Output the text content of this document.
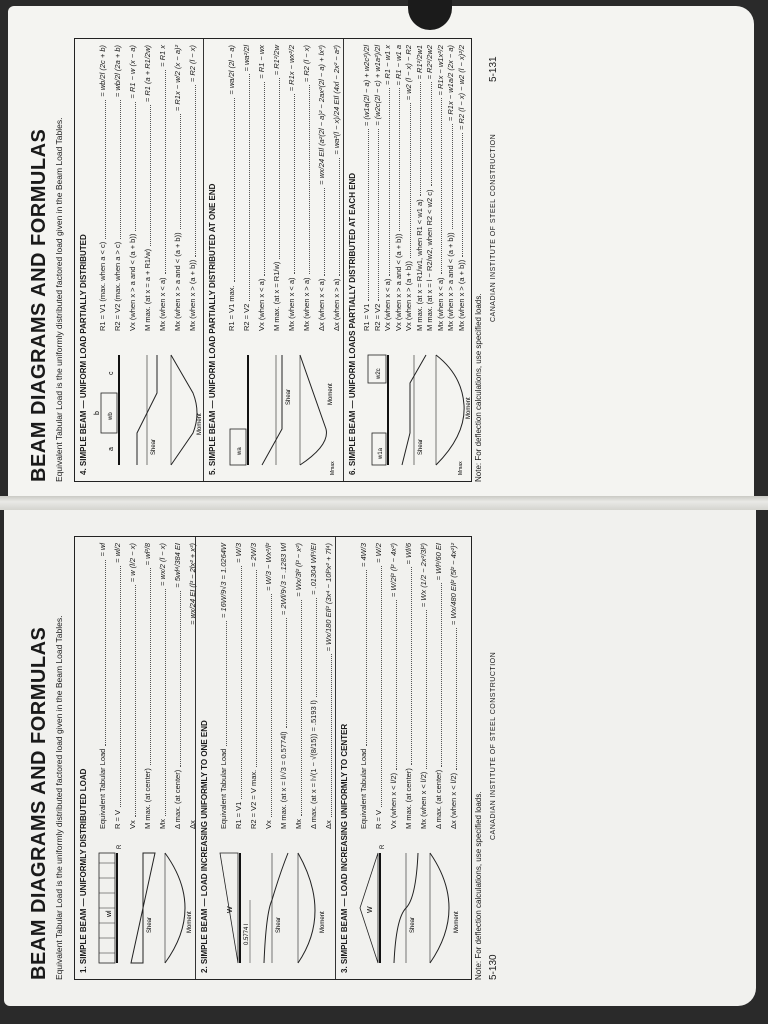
BEAM DIAGRAMS AND FORMULAS Equivalent Tabular Load is the uniformly distributed factored load given in the Beam Load Tables. 1. SIMPLE BEAM — UNIFORMLY DISTRIBUTED LOAD	wl
Shear	Moment
R
Equivalent Tabular Load
= wl
R = V
= wl/2
Vx
= w (l/2 − x)
M max. (at center)
= wl²/8
Mx
= wx/2 (l − x)
Δ max. (at center)
= 5wl⁴/384 EI
Δx
= wx/24 EI (l³ − 2lx² + x³)
2. SIMPLE BEAM — LOAD INCREASING UNIFORMLY TO ONE END	W
0.5774 l	Shear	Moment
Equivalent Tabular Load
= 16W/9√3 = 1.0264W
R1 = V1
= W/3
R2 = V2 = V max.
= 2W/3
Vx
= W/3 − Wx²/l²
M max. (at x = l/√3 = 0.5774l)
= 2Wl/9√3 = .1283 Wl
Mx
= Wx/3l² (l² − x²)
Δ max. (at x = l√(1 − √(8/15)) = .5193 l)
= .01304 Wl³/EI
Δx
= Wx/180 EIl² (3x⁴ − 10l²x² + 7l⁴)
3. SIMPLE BEAM — LOAD INCREASING UNIFORMLY TO CENTER	W
Shear	Moment
R
Equivalent Tabular Load
= 4W/3
R = V
= W/2
Vx (when x < l/2)
= W/2l² (l² − 4x²)
M max. (at center)
= Wl/6
Mx (when x < l/2)
= Wx (1/2 − 2x²/3l²)
Δ max. (at center)
= Wl³/60 EI
Δx (when x < l/2)
= Wx/480 EIl² (5l² − 4x²)²
Note: For deflection calculations, use specified loads. 5-130
CANADIAN INSTITUTE OF STEEL CONSTRUCTION
BEAM DIAGRAMS AND FORMULAS Equivalent Tabular Load is the uniformly distributed factored load given in the Beam Load Tables. 4. SIMPLE BEAM — UNIFORM LOAD PARTIALLY DISTRIBUTED	a
b
c
wb
Shear
Moment
R1 = V1 (max. when a < c)
= wb/2l (2c + b)
R2 = V2 (max. when a > c)
= wb/2l (2a + b)
Vx (when x > a and < (a + b))
= R1 − w (x − a)
M max. (at x = a + R1/w)
= R1 (a + R1/2w)
Mx (when x < a)
= R1 x
Mx (when x > a and < (a + b))
= R1x − w/2 (x − a)²
Mx (when x > (a + b))
= R2 (l − x)
5. SIMPLE BEAM — UNIFORM LOAD PARTIALLY DISTRIBUTED AT ONE END	wa
Shear	Moment
Mmax
R1 = V1 max.
= wa/2l (2l − a)
R2 = V2
= wa²/2l
Vx (when x < a)
= R1 − wx
M max. (at x = R1/w)
= R1²/2w
Mx (when x < a)
= R1x − wx²/2
Mx (when x > a)
= R2 (l − x)
Δx (when x < a)
= wx/24 EIl (a²(2l − a)² − 2ax²(2l − a) + lx³)
Δx (when x > a)
= wa²(l − x)/24 EIl (4xl − 2x² − a²)
6. SIMPLE BEAM — UNIFORM LOADS PARTIALLY DISTRIBUTED AT EACH END	w1a
w2c
Shear
Moment
Mmax
R1 = V1
= (w1a(2l − a) + w2c²)/2l
R2 = V2
= (w2c(2l − c) + w1a²)/2l
Vx (when x < a)
= R1 − w1 x
Vx (when x > a and < (a + b))
= R1 − w1 a
Vx (when x > (a + b))
= w2 (l − x) − R2
M max. (at x = R1/w1, when R1 < w1 a)
= R1²/2w1
M max. (at x = l − R2/w2, when R2 < w2 c)
= R2²/2w2
Mx (when x < a)
= R1x − w1x²/2
Mx (when x > a and < (a + b))
= R1x − w1a/2 (2x − a)
Mx (when x > (a + b))
= R2 (l − x) − w2 (l − x)²/2
Note: For deflection calculations, use specified loads.
CANADIAN INSTITUTE OF STEEL CONSTRUCTION
5-131
